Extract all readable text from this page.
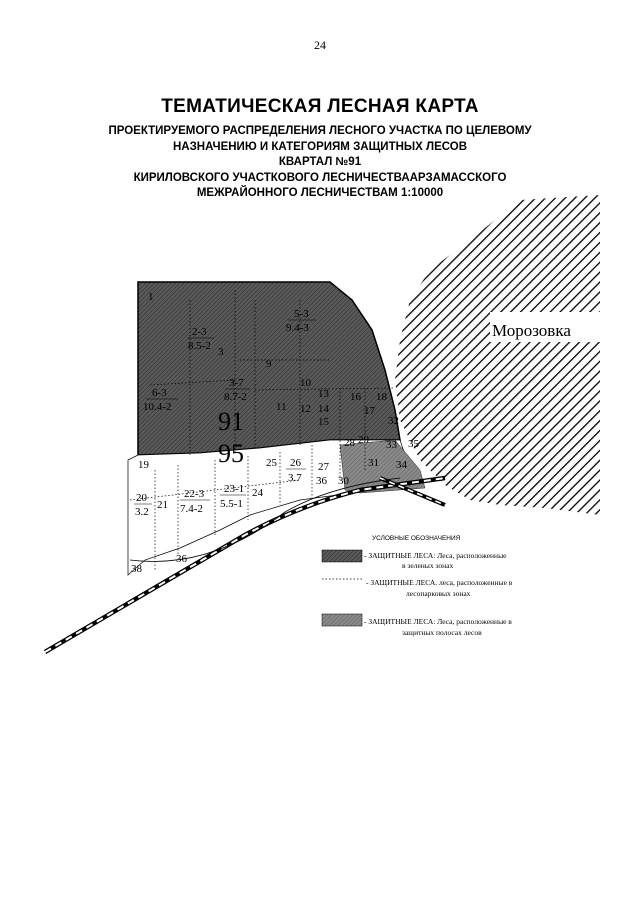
24
ТЕМАТИЧЕСКАЯ ЛЕСНАЯ КАРТА
ПРОЕКТИРУЕМОГО РАСПРЕДЕЛЕНИЯ ЛЕСНОГО УЧАСТКА ПО ЦЕЛЕВОМУ
НАЗНАЧЕНИЮ И КАТЕГОРИЯМ ЗАЩИТНЫХ ЛЕСОВ
КВАРТАЛ №91
КИРИЛОВСКОГО УЧАСТКОВОГО ЛЕСНИЧЕСТВААРЗАМАССКОГО
МЕЖРАЙОННОГО ЛЕСНИЧЕСТВАМ 1:10000
Морозовка
1
2-3
8.5-2
5-3
9.4-3
3
3-7
8.7-2
6-3
10.4-2
9
10
11 12
13
14
15
16
17
18
91
95
19
20
3.2
21
22-3
7.4-2
23-1
5.5-1
24
25 26
3.7
27
28 29
30
31
32
33
34
35
36
36
38
УСЛОВНЫЕ ОБОЗНАЧЕНИЯ
- ЗАЩИТНЫЕ ЛЕСА: Леса, расположенные
в зеленых зонах
- ЗАЩИТНЫЕ ЛЕСА. леса, расположенные в
лесопарковых зонах
- ЗАЩИТНЫЕ ЛЕСА: Леса, расположенные в
защитных полосах лесов
